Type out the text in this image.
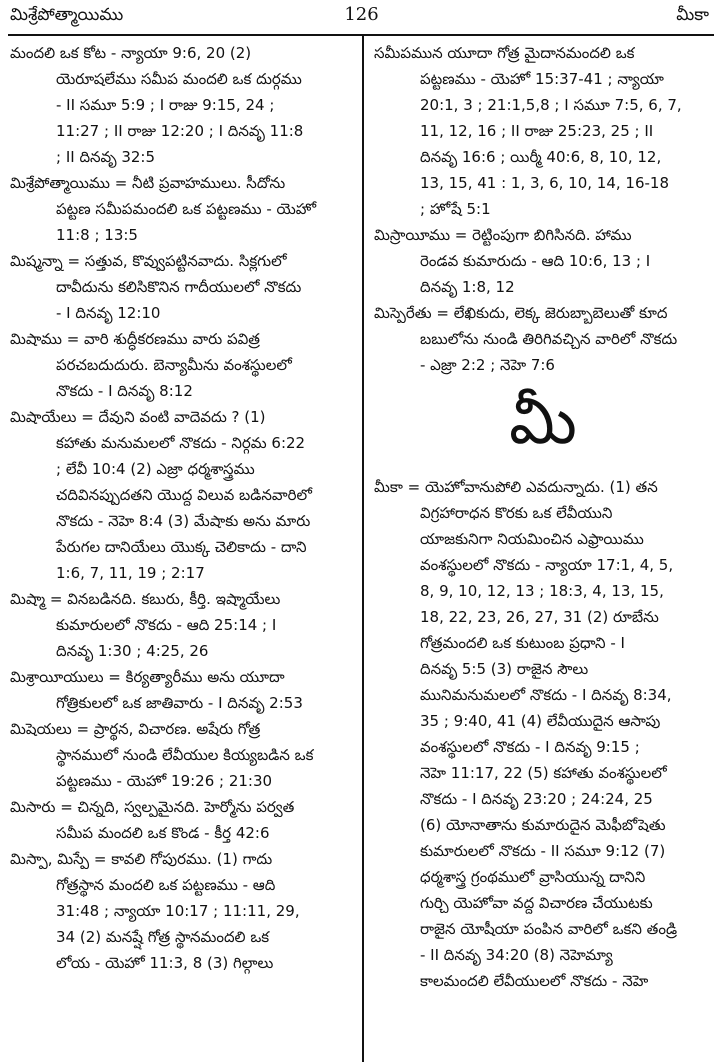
మిశ్రేపోత్మాయిము	126	మీకా
మందలి ఒక కోట - న్యాయా 9:6, 20 (2)
యెరూషలేము సమీప మందలి ఒక దుర్గము
- II సమూ 5:9 ; I రాజు 9:15, 24 ;
11:27 ; II రాజు 12:20 ; I దినవృ 11:8
; II దినవృ 32:5
మిశ్రేపోత్మాయిము = నీటి ప్రవాహములు. సీదోను
పట్టణ సమీపమందలి ఒక పట్టణము - యెహో
11:8 ; 13:5
మిష్మన్నా = సత్తువ, కొవ్వుపట్టినవాదు. సిక్లగులో
దావీదును కలిసికొనిన గాదీయులలో నొకదు
- I దినవృ 12:10
మిషాము = వారి శుద్ధీకరణము వారు పవిత్ర
పరచబదుదురు. బెన్యామీను వంశస్థులలో
నొకదు - I దినవృ 8:12
మిషాయేలు = దేవుని వంటి వాదెవదు ? (1)
కహాతు మనుమలలో నొకదు - నిర్గమ 6:22
; లేవీ 10:4 (2) ఎజ్రా ధర్మశాస్త్రము
చదివినప్పుదతని యొద్ద విలువ బడినవారిలో
నొకదు - నెహె 8:4 (3) మేషాకు అను మారు
పేరుగల దానియేలు యొక్క చెలికాదు - దాని
1:6, 7, 11, 19 ; 2:17
మిష్మా = వినబడినది. కబురు, కీర్తి. ఇష్మాయేలు
కుమారులలో నొకదు - ఆది 25:14 ; I
దినవృ 1:30 ; 4:25, 26
మిశ్రాయీయులు = కిర్యత్యారీము అను యూదా
గోత్రికులలో ఒక జాతివారు - I దినవృ 2:53
మిషెయలు = ప్రార్థన, విచారణ. అషేరు గోత్ర
స్థానములో నుండి లేవీయుల కియ్యబడిన ఒక
పట్టణము - యెహో 19:26 ; 21:30
మిసారు = చిన్నది, స్వల్పమైనది. హెర్మోను పర్వత
సమీప మందలి ఒక కొండ - కీర్త 42:6
మిస్పా, మిస్పే = కావలి గోపురము. (1) గాదు
గోత్రస్థాన మందలి ఒక పట్టణము - ఆది
31:48 ; న్యాయా 10:17 ; 11:11, 29,
34 (2) మనష్షే గోత్ర స్థానమందలి ఒక
లోయ - యెహో 11:3, 8 (3) గిల్గాలు
సమీపమున యూదా గోత్ర మైదానమందలి ఒక
పట్టణము - యెహో 15:37-41 ; న్యాయా
20:1, 3 ; 21:1,5,8 ; I సమూ 7:5, 6, 7,
11, 12, 16 ; II రాజు 25:23, 25 ; II
దినవృ 16:6 ; యిర్మీ 40:6, 8, 10, 12,
13, 15, 41 : 1, 3, 6, 10, 14, 16-18
; హోషే 5:1
మిస్రాయీము = రెట్టింపుగా బిగిసినది. హాము
రెండవ కుమారుదు - ఆది 10:6, 13 ; I
దినవృ 1:8, 12
మిస్పెరేతు = లేఖికుదు, లెక్క జెరుబ్బాబెలుతో కూద
బబులోను నుండి తిరిగివచ్చిన వారిలో నొకదు
- ఎజ్రా 2:2 ; నెహె 7:6
మీ
మీకా = యెహోవానుపోలి ఎవదున్నాదు. (1) తన
విగ్రహారాధన కొరకు ఒక లేవీయుని
యాజకునిగా నియమించిన ఎఫ్రాయిము
వంశస్థులలో నొకదు - న్యాయా 17:1, 4, 5,
8, 9, 10, 12, 13 ; 18:3, 4, 13, 15,
18, 22, 23, 26, 27, 31 (2) రూబేను
గోత్రమందలి ఒక కుటుంబ ప్రధాని - I
దినవృ 5:5 (3) రాజైన సౌలు
మునిమనుమలలో నొకదు - I దినవృ 8:34,
35 ; 9:40, 41 (4) లేవీయుదైన ఆసాపు
వంశస్థులలో నొకదు - I దినవృ 9:15 ;
నెహె 11:17, 22 (5) కహాతు వంశస్థులలో
నొకదు - I దినవృ 23:20 ; 24:24, 25
(6) యోనాతాను కుమారుదైన మెఫీబోషెతు
కుమారులలో నొకదు - II సమూ 9:12 (7)
ధర్మశాస్త్ర గ్రంథములో వ్రాసియున్న దానిని
గుర్చి యెహోవా వద్ద విచారణ చేయుటకు
రాజైన యోషీయా పంపిన వారిలో ఒకని తండ్రి
- II దినవృ 34:20 (8) నెహెమ్యా
కాలమందలి లేవీయులలో నొకదు - నెహె
